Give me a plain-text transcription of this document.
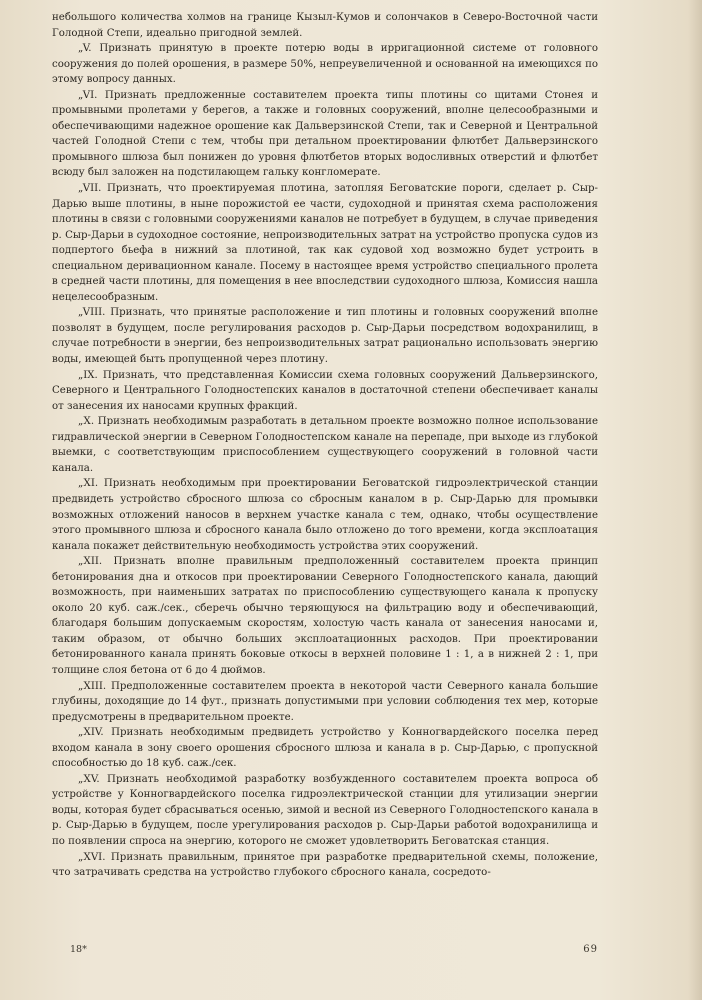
небольшого количества холмов на границе Кызыл-Кумов и солончаков в Северо-Восточной части Голодной Степи, идеально пригодной землей.

„V. Признать принятую в проекте потерю воды в ирригационной системе от головного сооружения до полей орошения, в размере 50%, непреувеличенной и основанной на имеющихся по этому вопросу данных.

„VI. Признать предложенные составителем проекта типы плотины со щитами Стонея и промывными пролетами у берегов, а также и головных сооружений, вполне целесообразными и обеспечивающими надежное орошение как Дальверзинской Степи, так и Северной и Центральной частей Голодной Степи с тем, чтобы при детальном проектировании флютбет Дальверзинского промывного шлюза был понижен до уровня флютбетов вторых водосливных отверстий и флютбет всюду был заложен на подстилающем гальку конгломерате.

„VII. Признать, что проектируемая плотина, затопляя Беговатские пороги, сделает р. Сыр-Дарью выше плотины, в ныне порожистой ее части, судоходной и принятая схема расположения плотины в связи с головными сооружениями каналов не потребует в будущем, в случае приведения р. Сыр-Дарьи в судоходное состояние, непроизводительных затрат на устройство пропуска судов из подпертого бьефа в нижний за плотиной, так как судовой ход возможно будет устроить в специальном деривационном канале. Посему в настоящее время устройство специального пролета в средней части плотины, для помещения в нее впоследствии судоходного шлюза, Комиссия нашла нецелесообразным.

„VIII. Признать, что принятые расположение и тип плотины и головных сооружений вполне позволят в будущем, после регулирования расходов р. Сыр-Дарьи посредством водохранилищ, в случае потребности в энергии, без непроизводительных затрат рационально использовать энергию воды, имеющей быть пропущенной через плотину.

„IX. Признать, что представленная Комиссии схема головных сооружений Дальверзинского, Северного и Центрального Голодностепских каналов в достаточной степени обеспечивает каналы от занесения их наносами крупных фракций.

„X. Признать необходимым разработать в детальном проекте возможно полное использование гидравлической энергии в Северном Голодностепском канале на перепаде, при выходе из глубокой выемки, с соответствующим приспособлением существующего сооружений в головной части канала.

„XI. Признать необходимым при проектировании Беговатской гидроэлектрической станции предвидеть устройство сбросного шлюза со сбросным каналом в р. Сыр-Дарью для промывки возможных отложений наносов в верхнем участке канала с тем, однако, чтобы осуществление этого промывного шлюза и сбросного канала было отложено до того времени, когда эксплоатация канала покажет действительную необходимость устройства этих сооружений.

„XII. Признать вполне правильным предположенный составителем проекта принцип бетонирования дна и откосов при проектировании Северного Голодностепского канала, дающий возможность, при наименьших затратах по приспособлению существующего канала к пропуску около 20 куб. саж./сек., сберечь обычно теряющуюся на фильтрацию воду и обеспечивающий, благодаря большим допускаемым скоростям, холостую часть канала от занесения наносами и, таким образом, от обычно больших эксплоатационных расходов. При проектировании бетонированного канала принять боковые откосы в верхней половине 1 : 1, а в нижней 2 : 1, при толщине слоя бетона от 6 до 4 дюймов.

„XIII. Предположенные составителем проекта в некоторой части Северного канала большие глубины, доходящие до 14 фут., признать допустимыми при условии соблюдения тех мер, которые предусмотрены в предварительном проекте.

„XIV. Признать необходимым предвидеть устройство у Конногвардейского поселка перед входом канала в зону своего орошения сбросного шлюза и канала в р. Сыр-Дарью, с пропускной способностью до 18 куб. саж./сек.

„XV. Признать необходимой разработку возбужденного составителем проекта вопроса об устройстве у Конногвардейского поселка гидроэлектрической станции для утилизации энергии воды, которая будет сбрасываться осенью, зимой и весной из Северного Голодностепского канала в р. Сыр-Дарью в будущем, после урегулирования расходов р. Сыр-Дарьи работой водохранилища и по появлении спроса на энергию, которого не сможет удовлетворить Беговатская станция.

„XVI. Признать правильным, принятое при разработке предварительной схемы, положение, что затрачивать средства на устройство глубокого сбросного канала, сосредото-

18*	69
